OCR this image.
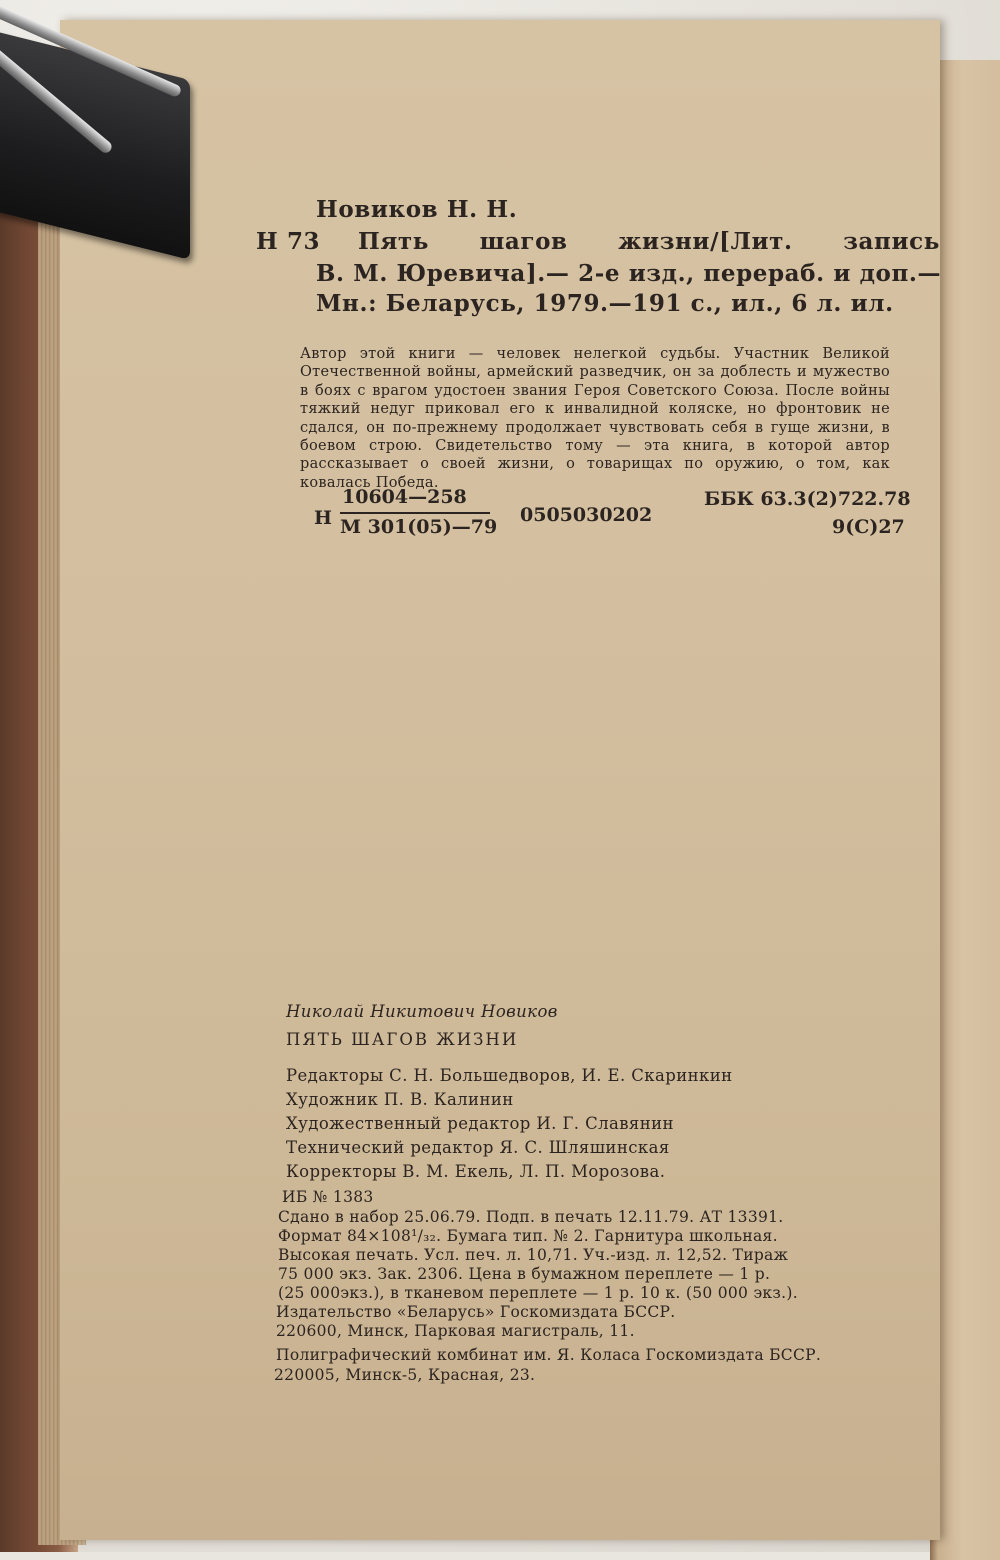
Новиков Н. Н.

Н 73 Пять шагов жизни/[Лит. запись

В. М. Юревича].— 2-е изд., перераб. и доп.—

Мн.: Беларусь, 1979.—191 с., ил., 6 л. ил.

Автор этой книги — человек нелегкой судьбы. Участник Великой Отечественной войны, армейский разведчик, он за доблесть и мужество в боях с врагом удостоен звания Героя Советского Союза. После войны тяжкий недуг приковал его к инвалидной коляске, но фронтовик не сдался, он по-прежнему продолжает чувствовать себя в гуще жизни, в боевом строю. Свидетельство тому — эта книга, в которой автор рассказывает о своей жизни, о товарищах по оружию, о том, как ковалась Победа.

Н

10604—258

М 301(05)—79

0505030202

ББК 63.3(2)722.78

9(С)27

Николай Никитович Новиков

ПЯТЬ ШАГОВ ЖИЗНИ

Редакторы С. Н. Большедворов, И. Е. Скаринкин

Художник П. В. Калинин

Художественный редактор И. Г. Славянин

Технический редактор Я. С. Шляшинская

Корректоры В. М. Екель, Л. П. Морозова.

ИБ № 1383

Сдано в набор 25.06.79. Подп. в печать 12.11.79. АТ 13391.

Формат 84×108¹/₃₂. Бумага тип. № 2. Гарнитура школьная.

Высокая печать. Усл. печ. л. 10,71. Уч.-изд. л. 12,52. Тираж

75 000 экз. Зак. 2306. Цена в бумажном переплете — 1 р.

(25 000экз.), в тканевом переплете — 1 р. 10 к. (50 000 экз.).

Издательство «Беларусь» Госкомиздата БССР.

220600, Минск, Парковая магистраль, 11.

Полиграфический комбинат им. Я. Коласа Госкомиздата БССР.

220005, Минск-5, Красная, 23.
